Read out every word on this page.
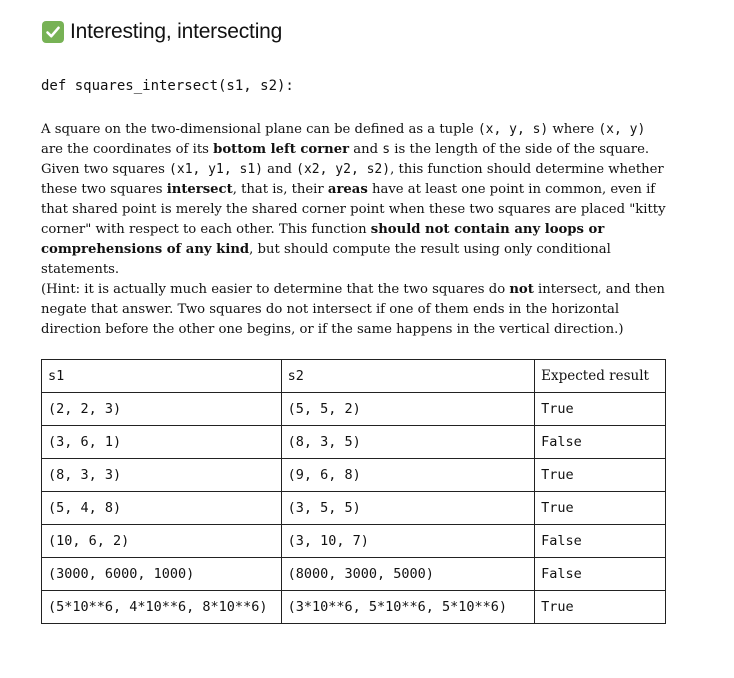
Interesting, intersecting
def squares_intersect(s1, s2):

A square on the two-dimensional plane can be defined as a tuple (x, y, s) where (x, y) are the coordinates of its bottom left corner and s is the length of the side of the square. Given two squares (x1, y1, s1) and (x2, y2, s2), this function should determine whether these two squares intersect, that is, their areas have at least one point in common, even if that shared point is merely the shared corner point when these two squares are placed "kitty corner" with respect to each other. This function should not contain any loops or comprehensions of any kind, but should compute the result using only conditional statements.

(Hint: it is actually much easier to determine that the two squares do not intersect, and then negate that answer. Two squares do not intersect if one of them ends in the horizontal direction before the other one begins, or if the same happens in the vertical direction.)

s1	s2	Expected result
(2, 2, 3)	(5, 5, 2)	True
(3, 6, 1)	(8, 3, 5)	False
(8, 3, 3)	(9, 6, 8)	True
(5, 4, 8)	(3, 5, 5)	True
(10, 6, 2)	(3, 10, 7)	False
(3000, 6000, 1000)	(8000, 3000, 5000)	False
(5*10**6, 4*10**6, 8*10**6)	(3*10**6, 5*10**6, 5*10**6)	True
